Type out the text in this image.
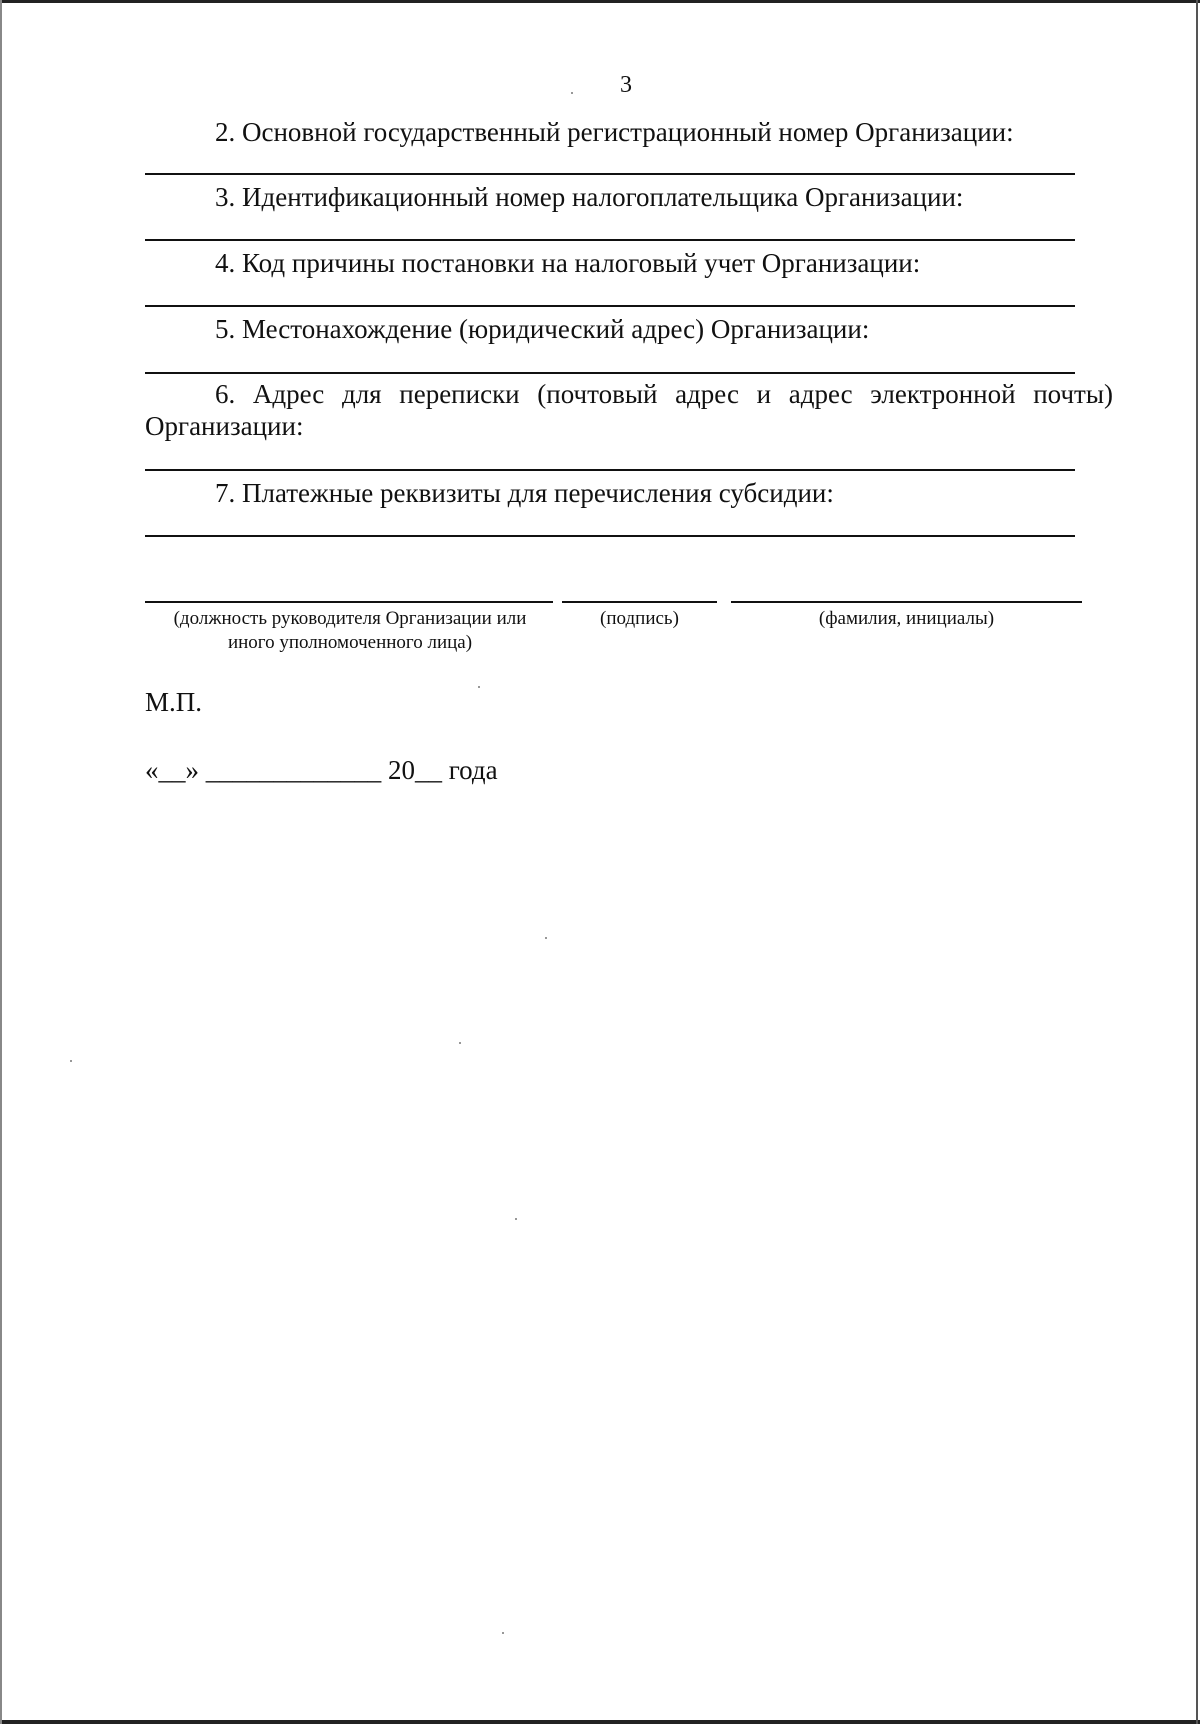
3
2. Основной государственный регистрационный номер Организации:
3. Идентификационный номер налогоплательщика Организации:
4. Код причины постановки на налоговый учет Организации:
5. Местонахождение (юридический адрес) Организации:
6. Адрес для переписки (почтовый адрес и адрес электронной почты) Организации:
7. Платежные реквизиты для перечисления субсидии:
(должность руководителя Организации или иного уполномоченного лица)
(подпись)	(фамилия, инициалы)
М.П.
«__» _____________ 20__ года
